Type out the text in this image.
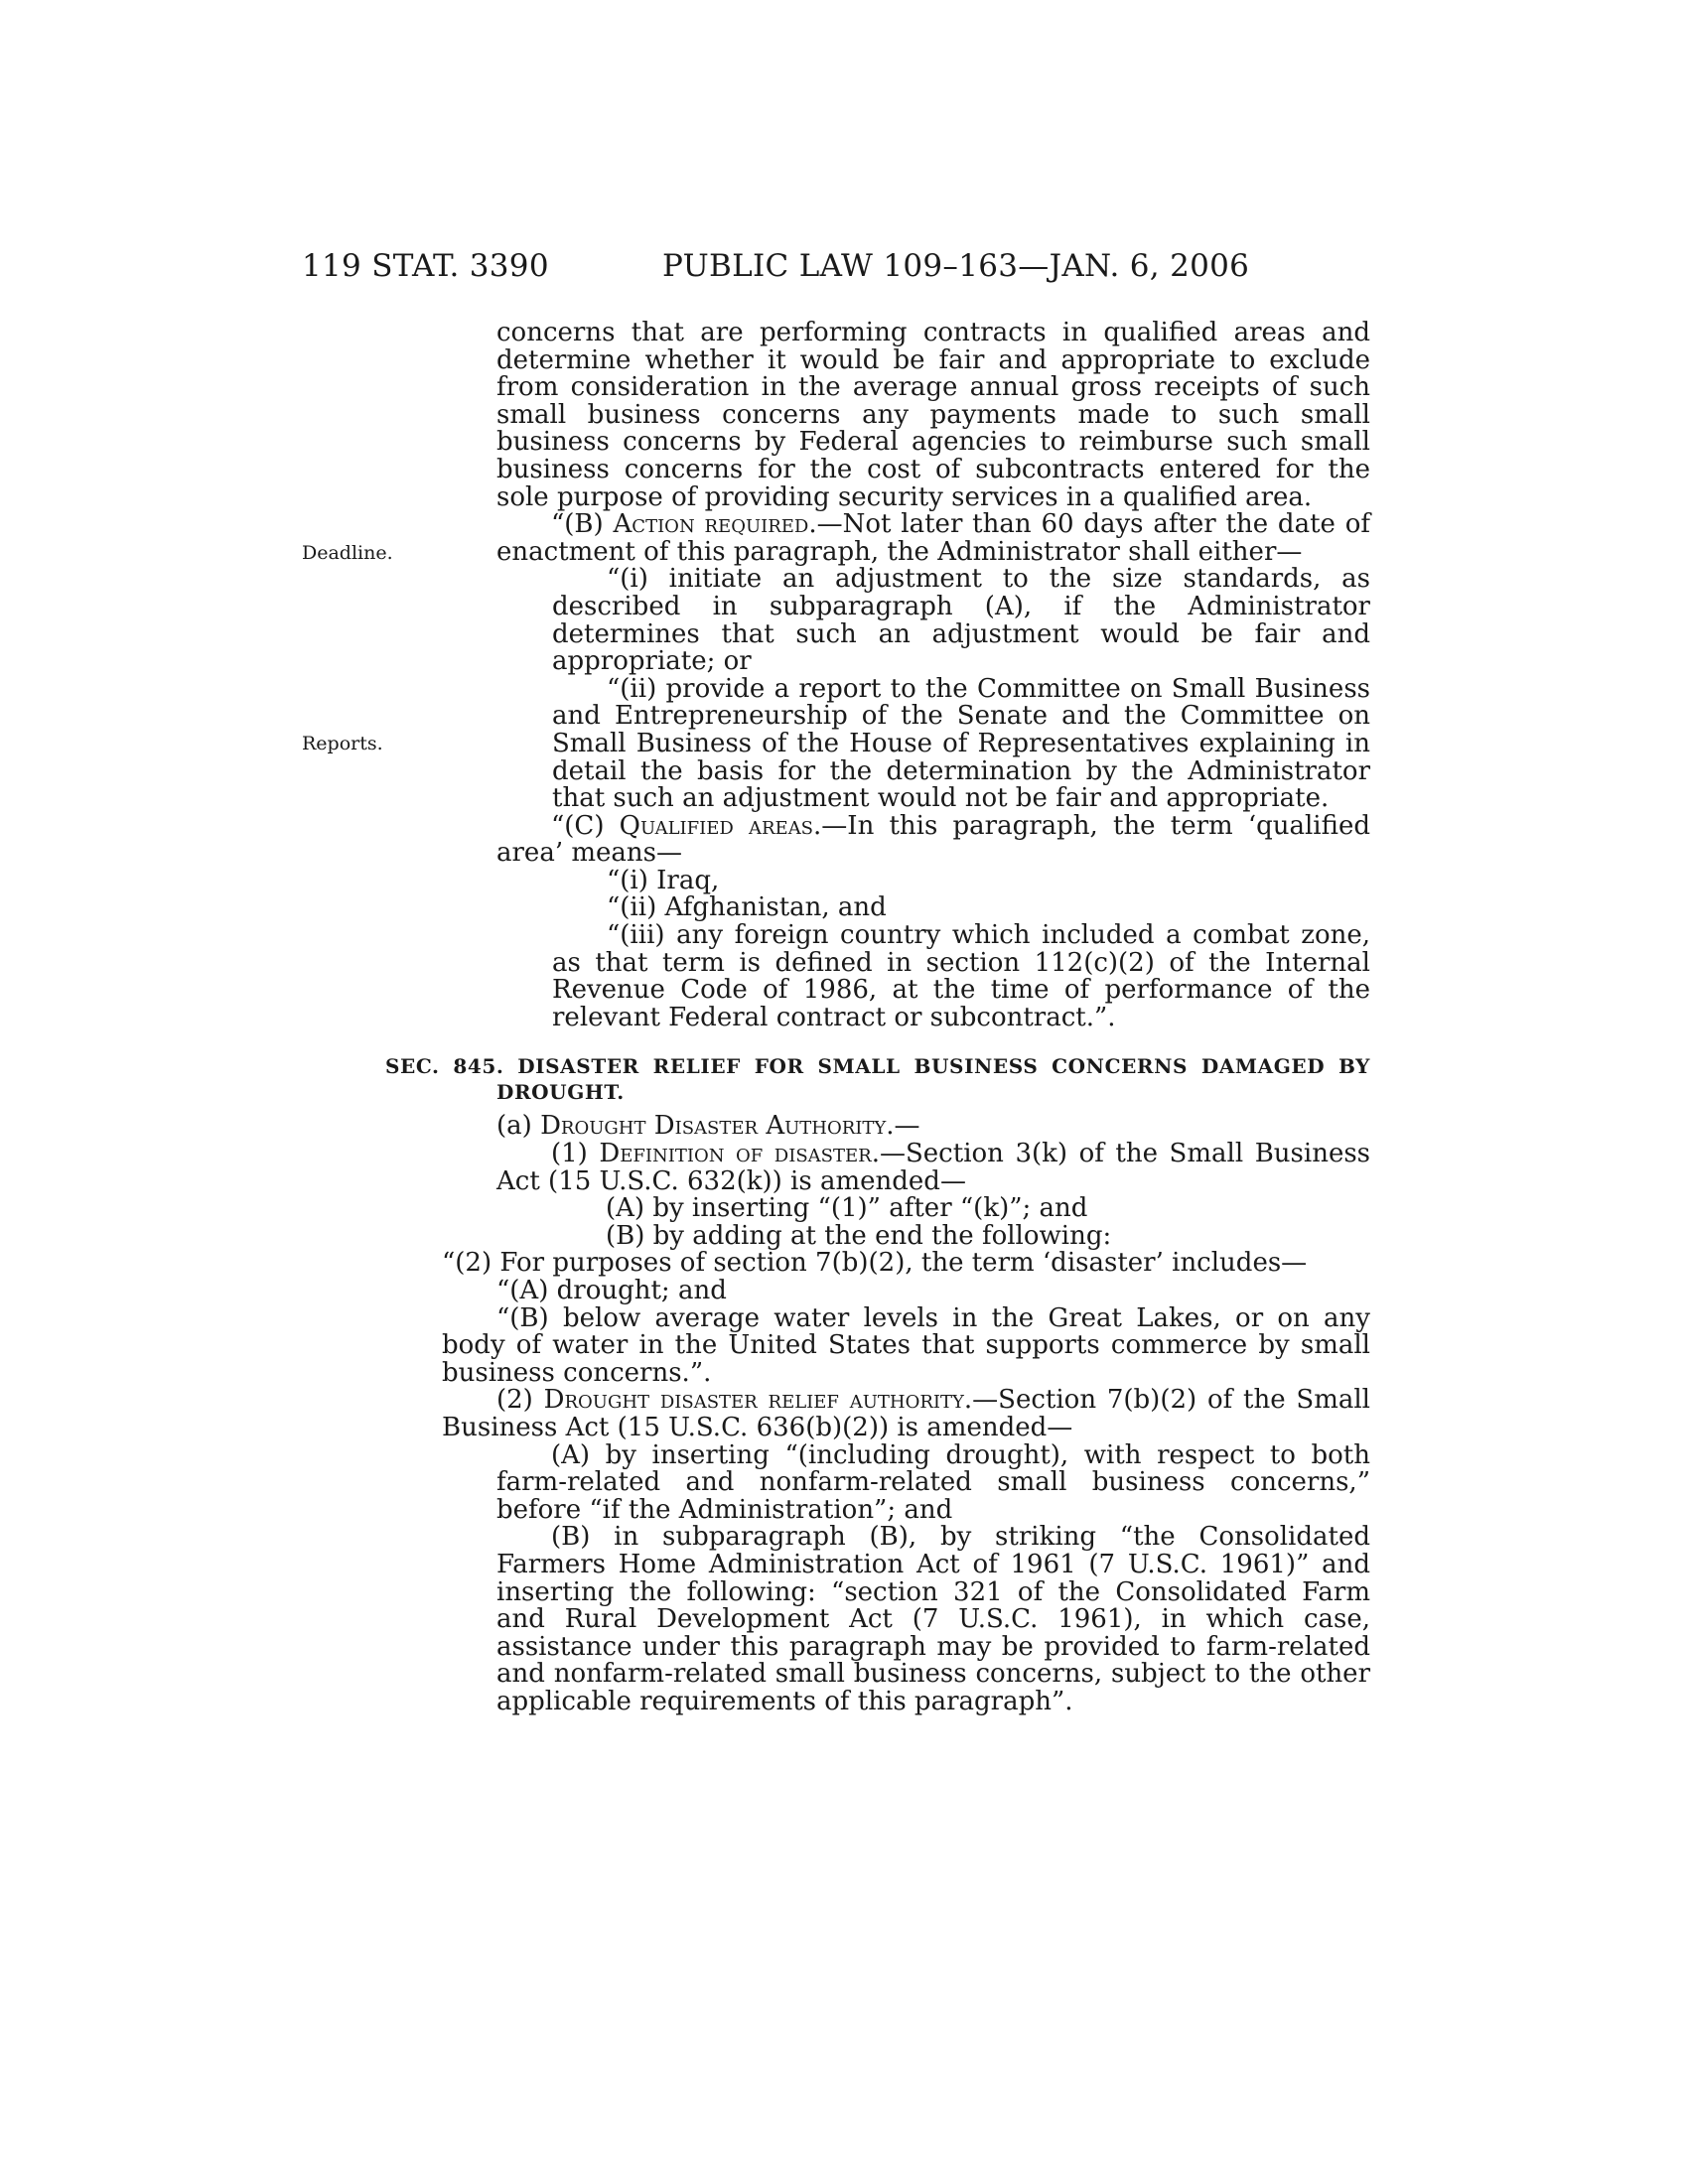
119 STAT. 3390	PUBLIC LAW 109–163—JAN. 6, 2006
Deadline.
Reports.

concerns that are performing contracts in qualified areas and determine whether it would be fair and appropriate to exclude from consideration in the average annual gross receipts of such small business concerns any payments made to such small business concerns by Federal agencies to reimburse such small business concerns for the cost of subcontracts entered for the sole purpose of providing security services in a qualified area.

“(B) Action required.—Not later than 60 days after the date of enactment of this paragraph, the Administrator shall either—

“(i) initiate an adjustment to the size standards, as described in subparagraph (A), if the Administrator determines that such an adjustment would be fair and appropriate; or

“(ii) provide a report to the Committee on Small Business and Entrepreneurship of the Senate and the Committee on Small Business of the House of Representatives explaining in detail the basis for the determination by the Administrator that such an adjustment would not be fair and appropriate.

“(C) Qualified areas.—In this paragraph, the term ‘qualified area’ means—

“(i) Iraq,

“(ii) Afghanistan, and

“(iii) any foreign country which included a combat zone, as that term is defined in section 112(c)(2) of the Internal Revenue Code of 1986, at the time of performance of the relevant Federal contract or subcontract.”.

SEC. 845. DISASTER RELIEF FOR SMALL BUSINESS CONCERNS DAMAGED BY DROUGHT.

(a) Drought Disaster Authority.—

(1) Definition of disaster.—Section 3(k) of the Small Business Act (15 U.S.C. 632(k)) is amended—

(A) by inserting “(1)” after “(k)”; and

(B) by adding at the end the following:

“(2) For purposes of section 7(b)(2), the term ‘disaster’ includes—

“(A) drought; and

“(B) below average water levels in the Great Lakes, or on any body of water in the United States that supports commerce by small business concerns.”.

(2) Drought disaster relief authority.—Section 7(b)(2) of the Small Business Act (15 U.S.C. 636(b)(2)) is amended—

(A) by inserting “(including drought), with respect to both farm-related and nonfarm-related small business concerns,” before “if the Administration”; and

(B) in subparagraph (B), by striking “the Consolidated Farmers Home Administration Act of 1961 (7 U.S.C. 1961)” and inserting the following: “section 321 of the Consolidated Farm and Rural Development Act (7 U.S.C. 1961), in which case, assistance under this paragraph may be provided to farm-related and nonfarm-related small business concerns, subject to the other applicable requirements of this paragraph”.
